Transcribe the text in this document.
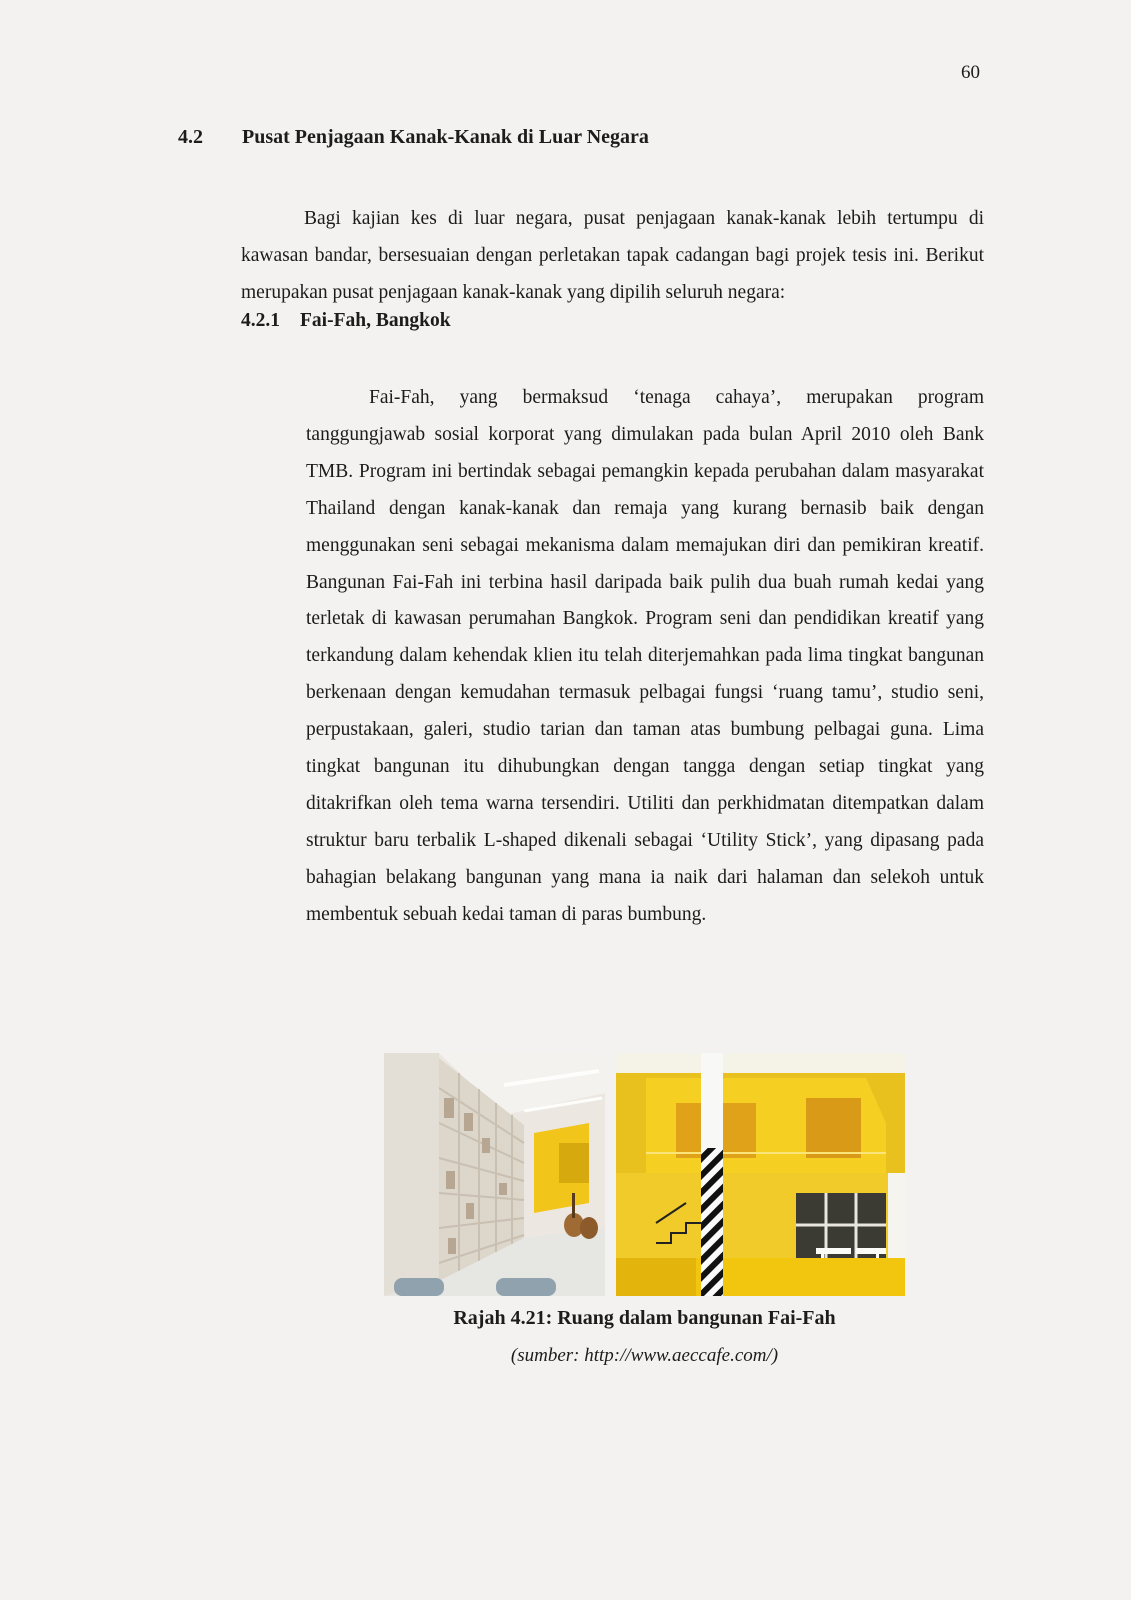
60
4.2 Pusat Penjagaan Kanak-Kanak di Luar Negara

Bagi kajian kes di luar negara, pusat penjagaan kanak-kanak lebih tertumpu di kawasan bandar, bersesuaian dengan perletakan tapak cadangan bagi projek tesis ini. Berikut merupakan pusat penjagaan kanak-kanak yang dipilih seluruh negara:

4.2.1 Fai-Fah, Bangkok

Fai-Fah, yang bermaksud ‘tenaga cahaya’, merupakan program tanggungjawab sosial korporat yang dimulakan pada bulan April 2010 oleh Bank TMB. Program ini bertindak sebagai pemangkin kepada perubahan dalam masyarakat Thailand dengan kanak-kanak dan remaja yang kurang bernasib baik dengan menggunakan seni sebagai mekanisma dalam memajukan diri dan pemikiran kreatif. Bangunan Fai-Fah ini terbina hasil daripada baik pulih dua buah rumah kedai yang terletak di kawasan perumahan Bangkok. Program seni dan pendidikan kreatif yang terkandung dalam kehendak klien itu telah diterjemahkan pada lima tingkat bangunan berkenaan dengan kemudahan termasuk pelbagai fungsi ‘ruang tamu’, studio seni, perpustakaan, galeri, studio tarian dan taman atas bumbung pelbagai guna. Lima tingkat bangunan itu dihubungkan dengan tangga dengan setiap tingkat yang ditakrifkan oleh tema warna tersendiri. Utiliti dan perkhidmatan ditempatkan dalam struktur baru terbalik L-shaped dikenali sebagai ‘Utility Stick’, yang dipasang pada bahagian belakang bangunan yang mana ia naik dari halaman dan selekoh untuk membentuk sebuah kedai taman di paras bumbung.

Rajah 4.21: Ruang dalam bangunan Fai-Fah
(sumber: http://www.aeccafe.com/)
